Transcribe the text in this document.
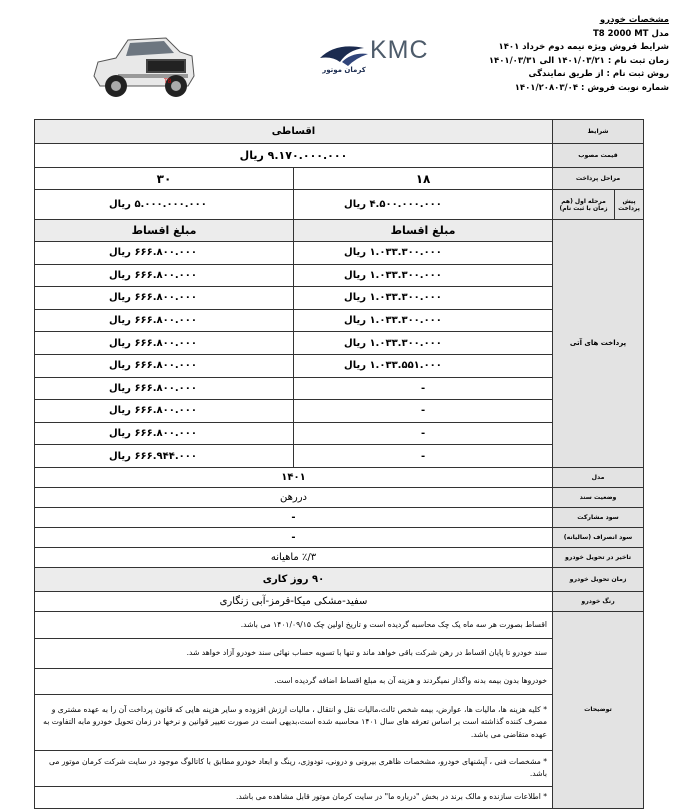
مشخصات خودرو
مدل T8 2000 MT
شرایط فروش ویژه نیمه دوم خرداد ۱۴۰۱
زمان ثبت نام : ۱۴۰۱/۰۳/۲۱ الی ۱۴۰۱/۰۳/۳۱
روش ثبت نام : از طریق نمایندگی
شماره نوبت فروش : ۱۴۰۱/۲۰۸۰۳/۰۴
کرمان موتور
KMC
T8
شرایط		اقساطی	
قیمت مصوب		۹.۱۷۰.۰۰۰.۰۰۰ ریال	
مراحل پرداخت		۱۸	۳۰
پیش پرداخت	مرحله اول (هم زمان با ثبت نام)	۴.۵۰۰.۰۰۰.۰۰۰ ریال	۵.۰۰۰.۰۰۰.۰۰۰ ریال
پرداخت های آتی		مبلغ اقساط	مبلغ اقساط
		۱.۰۳۳.۳۰۰.۰۰۰ ریال	۶۶۶.۸۰۰.۰۰۰ ریال
		۱.۰۳۳.۳۰۰.۰۰۰ ریال	۶۶۶.۸۰۰.۰۰۰ ریال
		۱.۰۳۳.۳۰۰.۰۰۰ ریال	۶۶۶.۸۰۰.۰۰۰ ریال
		۱.۰۳۳.۳۰۰.۰۰۰ ریال	۶۶۶.۸۰۰.۰۰۰ ریال
		۱.۰۳۳.۳۰۰.۰۰۰ ریال	۶۶۶.۸۰۰.۰۰۰ ریال
		۱.۰۳۳.۵۵۱.۰۰۰ ریال	۶۶۶.۸۰۰.۰۰۰ ریال
		-	۶۶۶.۸۰۰.۰۰۰ ریال
		-	۶۶۶.۸۰۰.۰۰۰ ریال
		-	۶۶۶.۸۰۰.۰۰۰ ریال
		-	۶۶۶.۹۴۴.۰۰۰ ریال
مدل		۱۴۰۱	
وضعیت سند		دررهن	
سود مشارکت		-	
سود انصراف (سالیانه)		-	
تاخیر در تحویل خودرو		۳/٪ ماهیانه	
زمان تحویل خودرو		۹۰ روز کاری	
رنگ خودرو		سفید-مشکی میکا-قرمز-آبی زنگاری	
توضیحات		اقساط بصورت هر سه ماه یک چک محاسبه گردیده است و تاریخ اولین چک ۱۴۰۱/۰۹/۱۵ می باشد.	
		سند خودرو تا پایان اقساط در رهن شرکت باقی خواهد ماند و تنها با تسویه حساب نهائی سند خودرو آزاد خواهد شد.	
		خودروها بدون بیمه بدنه واگذار نمیگردند و هزینه آن به مبلغ اقساط اضافه گردیده است.	
		* کلیه هزینه ها، مالیات ها، عوارض، بیمه شخص ثالث،مالیات نقل و انتقال ، مالیات ارزش افزوده و سایر هزینه هایی که قانون پرداخت آن را به عهده مشتری و مصرف کننده گذاشته است بر اساس تعرفه های سال ۱۴۰۱ محاسبه شده است،بدیهی است در صورت تغییر قوانین و نرخها در زمان تحویل خودرو مابه التفاوت به عهده متقاضی می باشد.	
		* مشخصات فنی ، آپشنهای خودرو، مشخصات ظاهری بیرونی و درونی، تودوزی، رینگ و ابعاد خودرو مطابق با کاتالوگ موجود در سایت شرکت کرمان موتور می باشد.	
		* اطلاعات سازنده و مالک برند در بخش "درباره ما" در سایت کرمان موتور قابل مشاهده می باشد.	
